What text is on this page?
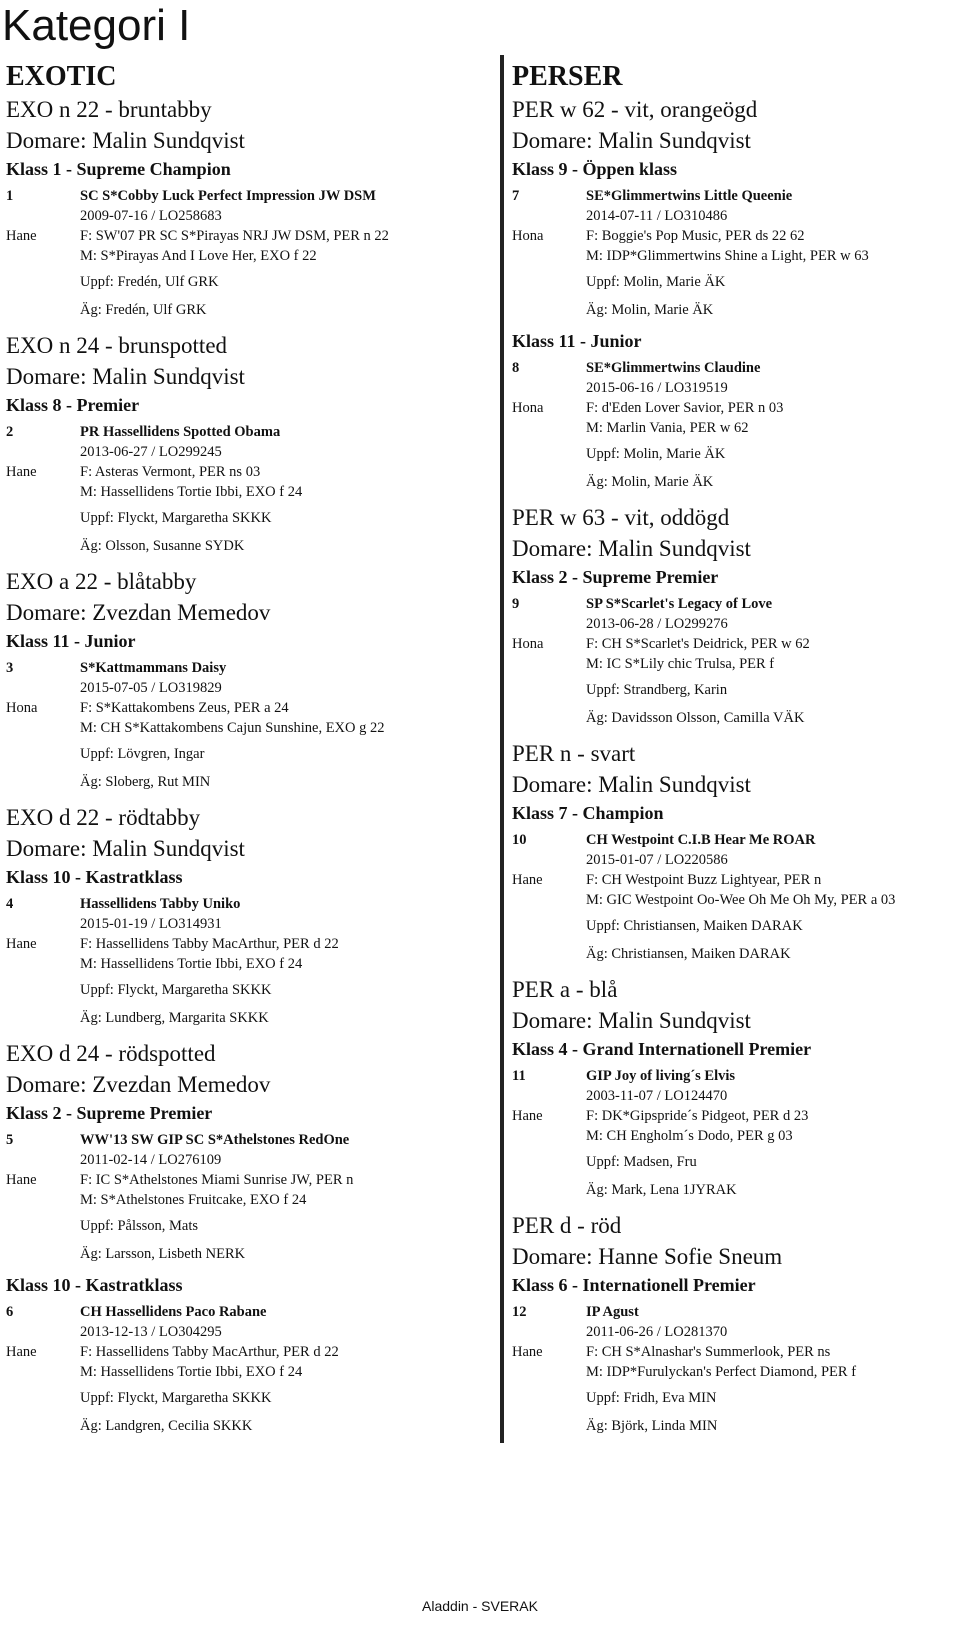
Kategori I
EXOTIC
EXO n 22 - bruntabby
Domare: Malin Sundqvist
Klass 1 - Supreme Champion
1	SC S*Cobby Luck Perfect Impression JW DSM
2009-07-16 / LO258683
Hane	F: SW'07 PR SC S*Pirayas NRJ JW DSM, PER n 22
M: S*Pirayas And I Love Her, EXO f 22
Uppf: Fredén, Ulf GRK
Äg: Fredén, Ulf GRK
EXO n 24 - brunspotted
Domare: Malin Sundqvist
Klass 8 - Premier
2	PR Hassellidens Spotted Obama
2013-06-27 / LO299245
Hane	F: Asteras Vermont, PER ns 03
M: Hassellidens Tortie Ibbi, EXO f 24
Uppf: Flyckt, Margaretha SKKK
Äg: Olsson, Susanne SYDK
EXO a 22 - blåtabby
Domare: Zvezdan Memedov
Klass 11 - Junior
3	S*Kattmammans Daisy
2015-07-05 / LO319829
Hona	F: S*Kattakombens Zeus, PER a 24
M: CH S*Kattakombens Cajun Sunshine, EXO g 22
Uppf: Lövgren, Ingar
Äg: Sloberg, Rut MIN
EXO d 22 - rödtabby
Domare: Malin Sundqvist
Klass 10 - Kastratklass
4	Hassellidens Tabby Uniko
2015-01-19 / LO314931
Hane	F: Hassellidens Tabby MacArthur, PER d 22
M: Hassellidens Tortie Ibbi, EXO f 24
Uppf: Flyckt, Margaretha SKKK
Äg: Lundberg, Margarita SKKK
EXO d 24 - rödspotted
Domare: Zvezdan Memedov
Klass 2 - Supreme Premier
5	WW'13 SW GIP SC S*Athelstones RedOne
2011-02-14 / LO276109
Hane	F: IC S*Athelstones Miami Sunrise JW, PER n
M: S*Athelstones Fruitcake, EXO f 24
Uppf: Pålsson, Mats
Äg: Larsson, Lisbeth NERK
Klass 10 - Kastratklass
6	CH Hassellidens Paco Rabane
2013-12-13 / LO304295
Hane	F: Hassellidens Tabby MacArthur, PER d 22
M: Hassellidens Tortie Ibbi, EXO f 24
Uppf: Flyckt, Margaretha SKKK
Äg: Landgren, Cecilia SKKK
PERSER
PER w 62 - vit, orangeögd
Domare: Malin Sundqvist
Klass 9 - Öppen klass
7	SE*Glimmertwins Little Queenie
2014-07-11 / LO310486
Hona	F: Boggie's Pop Music, PER ds 22 62
M: IDP*Glimmertwins Shine a Light, PER w 63
Uppf: Molin, Marie ÄK
Äg: Molin, Marie ÄK
Klass 11 - Junior
8	SE*Glimmertwins Claudine
2015-06-16 / LO319519
Hona	F: d'Eden Lover Savior, PER n 03
M: Marlin Vania, PER w 62
Uppf: Molin, Marie ÄK
Äg: Molin, Marie ÄK
PER w 63 - vit, oddögd
Domare: Malin Sundqvist
Klass 2 - Supreme Premier
9	SP S*Scarlet's Legacy of Love
2013-06-28 / LO299276
Hona	F: CH S*Scarlet's Deidrick, PER w 62
M: IC S*Lily chic Trulsa, PER f
Uppf: Strandberg, Karin
Äg: Davidsson Olsson, Camilla VÄK
PER n - svart
Domare: Malin Sundqvist
Klass 7 - Champion
10	CH Westpoint C.I.B Hear Me ROAR
2015-01-07 / LO220586
Hane	F: CH Westpoint Buzz Lightyear, PER n
M: GIC Westpoint Oo-Wee Oh Me Oh My, PER a 03
Uppf: Christiansen, Maiken DARAK
Äg: Christiansen, Maiken DARAK
PER a - blå
Domare: Malin Sundqvist
Klass 4 - Grand Internationell Premier
11	GIP Joy of living´s Elvis
2003-11-07 / LO124470
Hane	F: DK*Gipspride´s Pidgeot, PER d 23
M: CH Engholm´s Dodo, PER g 03
Uppf: Madsen, Fru
Äg: Mark, Lena 1JYRAK
PER d - röd
Domare: Hanne Sofie Sneum
Klass 6 - Internationell Premier
12	IP Agust
2011-06-26 / LO281370
Hane	F: CH S*Alnashar's Summerlook, PER ns
M: IDP*Furulyckan's Perfect Diamond, PER f
Uppf: Fridh, Eva MIN
Äg: Björk, Linda MIN
Aladdin - SVERAK
